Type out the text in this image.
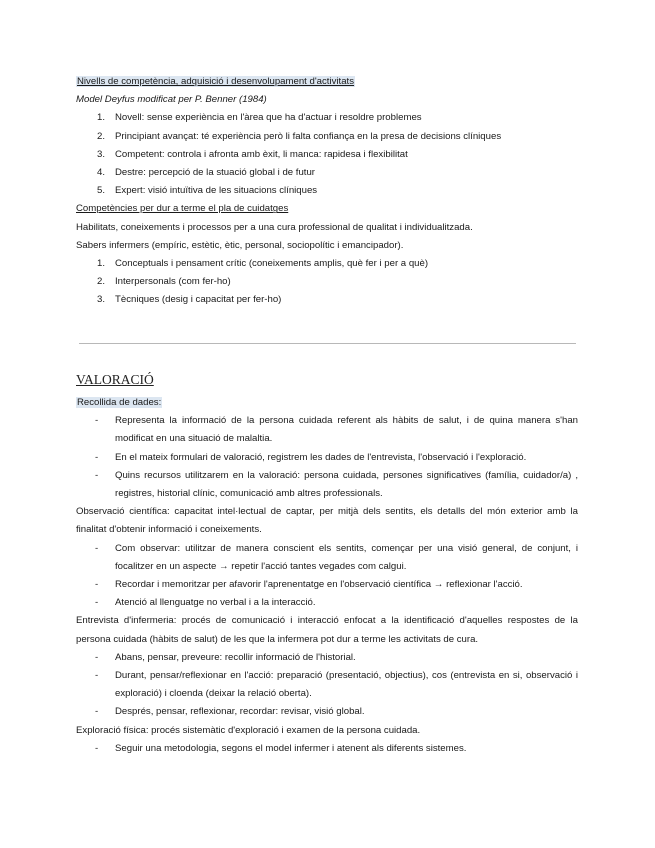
Nivells de competència, adquisició i desenvolupament d'activitats

Model Deyfus modificat per P. Benner (1984)

1. Novell: sense experiència en l'àrea que ha d'actuar i resoldre problemes
2. Principiant avançat: té experiència però li falta confiança en la presa de decisions clíniques
3. Competent: controla i afronta amb èxit, li manca: rapidesa i flexibilitat
4. Destre: percepció de la stuació global i de futur
5. Expert: visió intuïtiva de les situacions clíniques

Competències per dur a terme el pla de cuidatges

Habilitats, coneixements i processos per a una cura professional de qualitat i individualitzada.

Sabers infermers (empíric, estètic, ètic, personal, sociopolític i emancipador).

1. Conceptuals i pensament crític (coneixements amplis, què fer i per a què)
2. Interpersonals (com fer-ho)
3. Tècniques (desig i capacitat per fer-ho)
VALORACIÓ

Recollida de dades:

- Representa la informació de la persona cuidada referent als hàbits de salut, i de quina manera s'han modificat en una situació de malaltia.
- En el mateix formulari de valoració, registrem les dades de l'entrevista, l'observació i l'exploració.
- Quins recursos utilitzarem en la valoració: persona cuidada, persones significatives (família, cuidador/a) , registres, historial clínic, comunicació amb altres professionals.

Observació científica: capacitat intel·lectual de captar, per mitjà dels sentits, els detalls del món exterior amb la finalitat d'obtenir informació i coneixements.

- Com observar: utilitzar de manera conscient els sentits, començar per una visió general, de conjunt, i focalitzer en un aspecte → repetir l'acció tantes vegades com calgui.
- Recordar i memoritzar per afavorir l'aprenentatge en l'observació científica → reflexionar l'acció.
- Atenció al llenguatge no verbal i a la interacció.

Entrevista d'infermeria: procés de comunicació i interacció enfocat a la identificació d'aquelles respostes de la persona cuidada (hàbits de salut) de les que la infermera pot dur a terme les activitats de cura.

- Abans, pensar, preveure: recollir informació de l'historial.
- Durant, pensar/reflexionar en l'acció: preparació (presentació, objectius), cos (entrevista en si, observació i exploració) i cloenda (deixar la relació oberta).
- Després, pensar, reflexionar, recordar: revisar, visió global.

Exploració física: procés sistemàtic d'exploració i examen de la persona cuidada.

- Seguir una metodologia, segons el model infermer i atenent als diferents sistemes.
